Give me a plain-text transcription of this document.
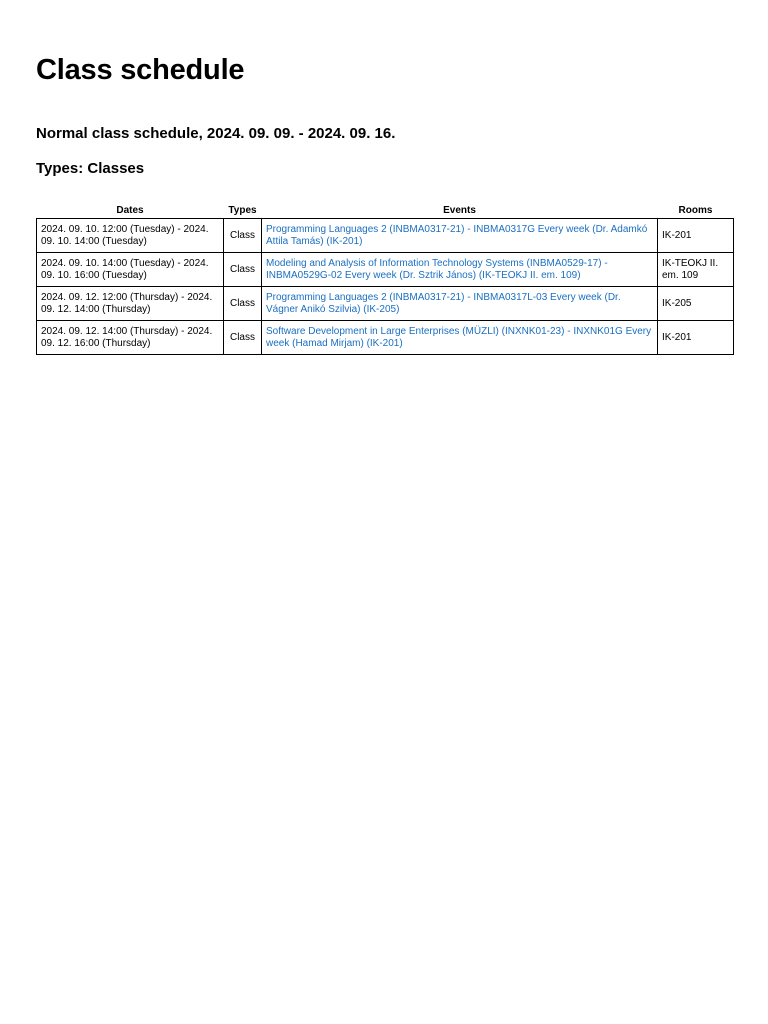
Class schedule
Normal class schedule, 2024. 09. 09. - 2024. 09. 16.
Types: Classes
Dates	Types	Events	Rooms
2024. 09. 10. 12:00 (Tuesday) - 2024. 09. 10. 14:00 (Tuesday)	Class	Programming Languages 2 (INBMA0317-21) - INBMA0317G Every week (Dr. Adamkó Attila Tamás) (IK-201)	IK-201
2024. 09. 10. 14:00 (Tuesday) - 2024. 09. 10. 16:00 (Tuesday)	Class	Modeling and Analysis of Information Technology Systems (INBMA0529-17) - INBMA0529G-02 Every week (Dr. Sztrik János) (IK-TEOKJ II. em. 109)	IK-TEOKJ II. em. 109
2024. 09. 12. 12:00 (Thursday) - 2024. 09. 12. 14:00 (Thursday)	Class	Programming Languages 2 (INBMA0317-21) - INBMA0317L-03 Every week (Dr. Vágner Anikó Szilvia) (IK-205)	IK-205
2024. 09. 12. 14:00 (Thursday) - 2024. 09. 12. 16:00 (Thursday)	Class	Software Development in Large Enterprises (MÜZLI) (INXNK01-23) - INXNK01G Every week (Hamad Mirjam) (IK-201)	IK-201
